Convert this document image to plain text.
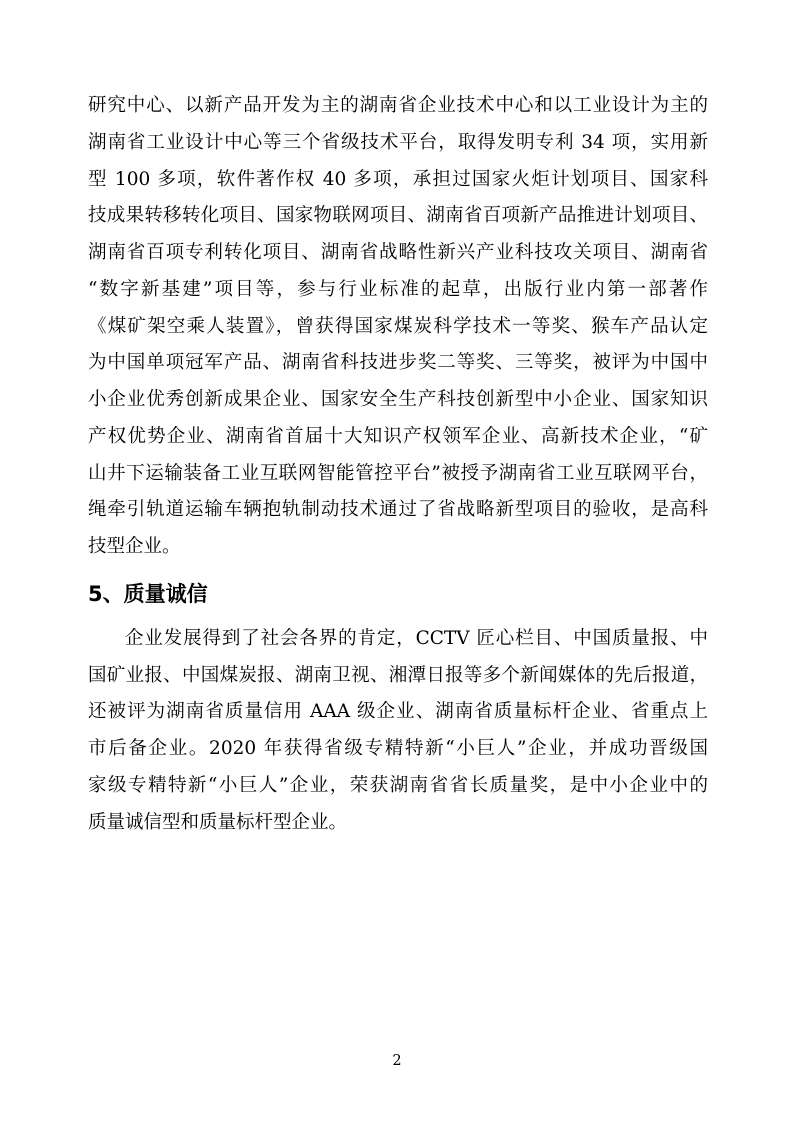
研究中心、以新产品开发为主的湖南省企业技术中心和以工业设计为主的
湖南省工业设计中心等三个省级技术平台，取得发明专利 34 项，实用新
型 100 多项，软件著作权 40 多项，承担过国家火炬计划项目、国家科
技成果转移转化项目、国家物联网项目、湖南省百项新产品推进计划项目、
湖南省百项专利转化项目、湖南省战略性新兴产业科技攻关项目、湖南省
“数字新基建”项目等，参与行业标准的起草，出版行业内第一部著作
《煤矿架空乘人装置》，曾获得国家煤炭科学技术一等奖、猴车产品认定
为中国单项冠军产品、湖南省科技进步奖二等奖、三等奖，被评为中国中
小企业优秀创新成果企业、国家安全生产科技创新型中小企业、国家知识
产权优势企业、湖南省首届十大知识产权领军企业、高新技术企业，“矿
山井下运输装备工业互联网智能管控平台”被授予湖南省工业互联网平台，
绳牵引轨道运输车辆抱轨制动技术通过了省战略新型项目的验收，是高科
技型企业。
5、质量诚信
企业发展得到了社会各界的肯定，CCTV 匠心栏目、中国质量报、中
国矿业报、中国煤炭报、湖南卫视、湘潭日报等多个新闻媒体的先后报道，
还被评为湖南省质量信用 AAA 级企业、湖南省质量标杆企业、省重点上
市后备企业。2020 年获得省级专精特新“小巨人”企业，并成功晋级国
家级专精特新“小巨人”企业，荣获湖南省省长质量奖，是中小企业中的
质量诚信型和质量标杆型企业。
2
